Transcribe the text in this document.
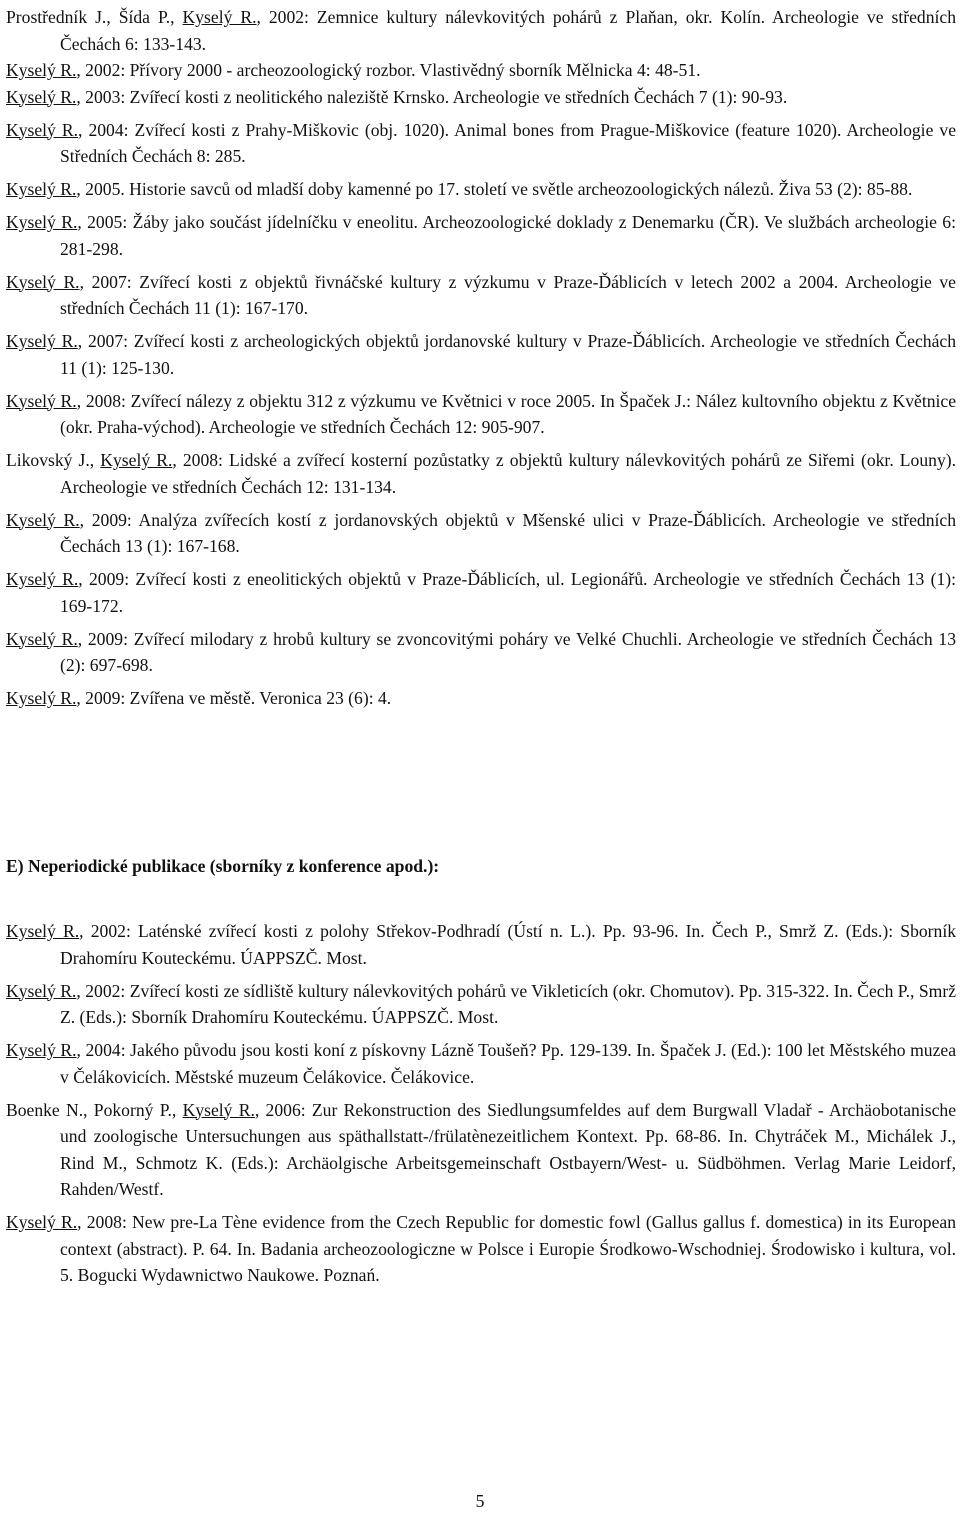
Prostředník J., Šída P., Kyselý R., 2002: Zemnice kultury nálevkovitých pohárů z Plaňan, okr. Kolín. Archeologie ve středních Čechách 6: 133-143.

Kyselý R., 2002: Přívory 2000 - archeozoologický rozbor. Vlastivědný sborník Mělnicka 4: 48-51.

Kyselý R., 2003: Zvířecí kosti z neolitického naleziště Krnsko. Archeologie ve středních Čechách 7 (1): 90-93.

Kyselý R., 2004: Zvířecí kosti z Prahy-Miškovic (obj. 1020). Animal bones from Prague-Miškovice (feature 1020). Archeologie ve Středních Čechách 8: 285.

Kyselý R., 2005. Historie savců od mladší doby kamenné po 17. století ve světle archeozoologických nálezů. Živa 53 (2): 85-88.

Kyselý R., 2005: Žáby jako součást jídelníčku v eneolitu. Archeozoologické doklady z Denemarku (ČR). Ve službách archeologie 6: 281-298.

Kyselý R., 2007: Zvířecí kosti z objektů řivnáčské kultury z výzkumu v Praze-Ďáblicích v letech 2002 a 2004. Archeologie ve středních Čechách 11 (1): 167-170.

Kyselý R., 2007: Zvířecí kosti z archeologických objektů jordanovské kultury v Praze-Ďáblicích. Archeologie ve středních Čechách 11 (1): 125-130.

Kyselý R., 2008: Zvířecí nálezy z objektu 312 z výzkumu ve Květnici v roce 2005. In Špaček J.: Nález kultovního objektu z Květnice (okr. Praha-východ). Archeologie ve středních Čechách 12: 905-907.

Likovský J., Kyselý R., 2008: Lidské a zvířecí kosterní pozůstatky z objektů kultury nálevkovitých pohárů ze Siřemi (okr. Louny). Archeologie ve středních Čechách 12: 131-134.

Kyselý R., 2009: Analýza zvířecích kostí z jordanovských objektů v Mšenské ulici v Praze-Ďáblicích. Archeologie ve středních Čechách 13 (1): 167-168.

Kyselý R., 2009: Zvířecí kosti z eneolitických objektů v Praze-Ďáblicích, ul. Legionářů. Archeologie ve středních Čechách 13 (1): 169-172.

Kyselý R., 2009: Zvířecí milodary z hrobů kultury se zvoncovitými poháry ve Velké Chuchli. Archeologie ve středních Čechách 13 (2): 697-698.

Kyselý R., 2009: Zvířena ve městě. Veronica 23 (6): 4.

E) Neperiodické publikace (sborníky z konference apod.):

Kyselý R., 2002: Laténské zvířecí kosti z polohy Střekov-Podhradí (Ústí n. L.). Pp. 93-96. In. Čech P., Smrž Z. (Eds.): Sborník Drahomíru Kouteckému. ÚAPPSZČ. Most.

Kyselý R., 2002: Zvířecí kosti ze sídliště kultury nálevkovitých pohárů ve Vikleticích (okr. Chomutov). Pp. 315-322. In. Čech P., Smrž Z. (Eds.): Sborník Drahomíru Kouteckému. ÚAPPSZČ. Most.

Kyselý R., 2004: Jakého původu jsou kosti koní z pískovny Lázně Toušeň? Pp. 129-139. In. Špaček J. (Ed.): 100 let Městského muzea v Čelákovicích. Městské muzeum Čelákovice. Čelákovice.

Boenke N., Pokorný P., Kyselý R., 2006: Zur Rekonstruction des Siedlungsumfeldes auf dem Burgwall Vladař - Archäobotanische und zoologische Untersuchungen aus späthallstatt-/frülatènezeitlichem Kontext. Pp. 68-86. In. Chytráček M., Michálek J., Rind M., Schmotz K. (Eds.): Archäolgische Arbeitsgemeinschaft Ostbayern/West- u. Südböhmen. Verlag Marie Leidorf, Rahden/Westf.

Kyselý R., 2008: New pre-La Tène evidence from the Czech Republic for domestic fowl (Gallus gallus f. domestica) in its European context (abstract). P. 64. In. Badania archeozoologiczne w Polsce i Europie Środkowo-Wschodniej. Środowisko i kultura, vol. 5. Bogucki Wydawnictwo Naukowe. Poznań.

5
